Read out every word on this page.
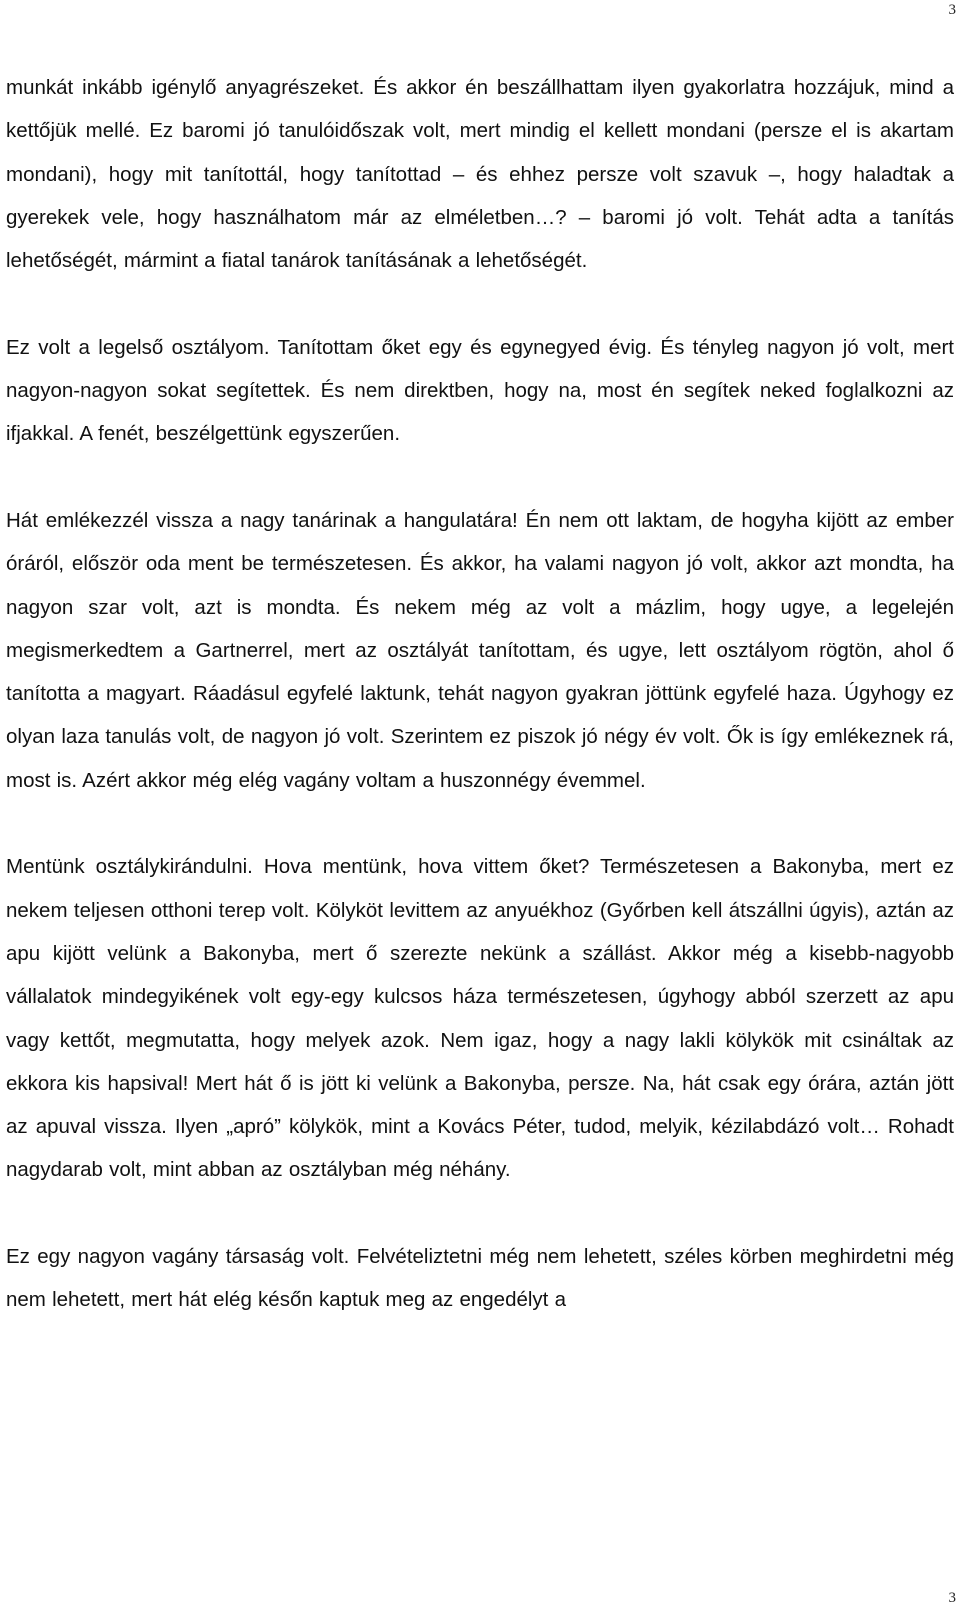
3

munkát inkább igénylő anyagrészeket. És akkor én beszállhattam ilyen gyakorlatra hozzájuk, mind a kettőjük mellé. Ez baromi jó tanulóidőszak volt, mert mindig el kellett mondani (persze el is akartam mondani), hogy mit tanítottál, hogy tanítottad – és ehhez persze volt szavuk –, hogy haladtak a gyerekek vele, hogy használhatom már az elméletben…? – baromi jó volt. Tehát adta a tanítás lehetőségét, mármint a fiatal tanárok tanításának a lehetőségét.

Ez volt a legelső osztályom. Tanítottam őket egy és egynegyed évig. És tényleg nagyon jó volt, mert nagyon-nagyon sokat segítettek. És nem direktben, hogy na, most én segítek neked foglalkozni az ifjakkal. A fenét, beszélgettünk egyszerűen.

Hát emlékezzél vissza a nagy tanárinak a hangulatára! Én nem ott laktam, de hogyha kijött az ember óráról, először oda ment be természetesen. És akkor, ha valami nagyon jó volt, akkor azt mondta, ha nagyon szar volt, azt is mondta. És nekem még az volt a mázlim, hogy ugye, a legelején megismerkedtem a Gartnerrel, mert az osztályát tanítottam, és ugye, lett osztályom rögtön, ahol ő tanította a magyart. Ráadásul egyfelé laktunk, tehát nagyon gyakran jöttünk egyfelé haza. Úgyhogy ez olyan laza tanulás volt, de nagyon jó volt. Szerintem ez piszok jó négy év volt. Ők is így emlékeznek rá, most is. Azért akkor még elég vagány voltam a huszonnégy évemmel.

Mentünk osztálykirándulni. Hova mentünk, hova vittem őket? Természetesen a Bakonyba, mert ez nekem teljesen otthoni terep volt. Kölyköt levittem az anyuékhoz (Győrben kell átszállni úgyis), aztán az apu kijött velünk a Bakonyba, mert ő szerezte nekünk a szállást. Akkor még a kisebb-nagyobb vállalatok mindegyikének volt egy-egy kulcsos háza természetesen, úgyhogy abból szerzett az apu vagy kettőt, megmutatta, hogy melyek azok. Nem igaz, hogy a nagy lakli kölykök mit csináltak az ekkora kis hapsival! Mert hát ő is jött ki velünk a Bakonyba, persze. Na, hát csak egy órára, aztán jött az apuval vissza. Ilyen „apró” kölykök, mint a Kovács Péter, tudod, melyik, kézilabdázó volt… Rohadt nagydarab volt, mint abban az osztályban még néhány.

Ez egy nagyon vagány társaság volt. Felvételiztetni még nem lehetett, széles körben meghirdetni még nem lehetett, mert hát elég későn kaptuk meg az engedélyt a

3
